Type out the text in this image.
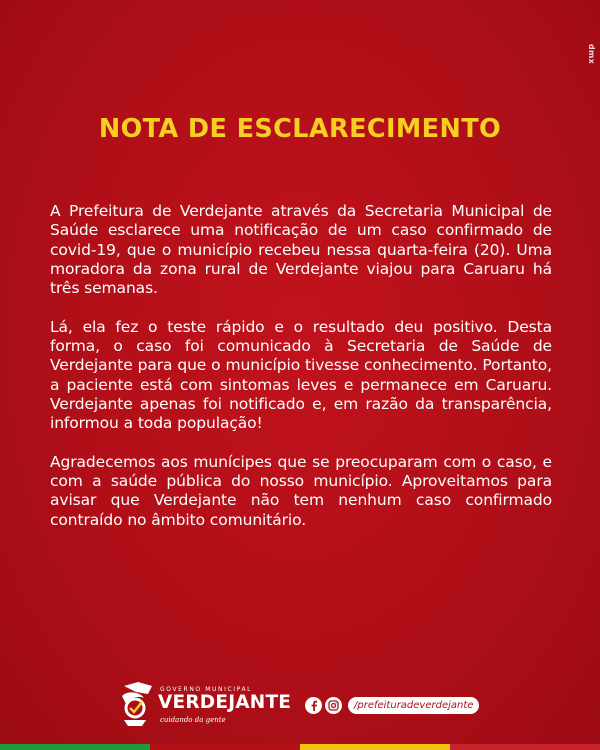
dmx
NOTA DE ESCLARECIMENTO

A Prefeitura de Verdejante através da Secretaria Municipal de Saúde esclarece uma notificação de um caso confirmado de covid-19, que o município recebeu nessa quarta-feira (20). Uma moradora da zona rural de Verdejante viajou para Caruaru há três semanas.

Lá, ela fez o teste rápido e o resultado deu positivo. Desta forma, o caso foi comunicado à Secretaria de Saúde de Verdejante para que o município tivesse conhecimento. Portanto, a paciente está com sintomas leves e permanece em Caruaru. Verdejante apenas foi notificado e, em razão da transparência, informou a toda população!

Agradecemos aos munícipes que se preocuparam com o caso, e com a saúde pública do nosso município. Aproveitamos para avisar que Verdejante não tem nenhum caso confirmado contraído no âmbito comunitário.

GOVERNO MUNICIPAL
VERDEJANTE
cuidando da gente
/prefeituradeverdejante
